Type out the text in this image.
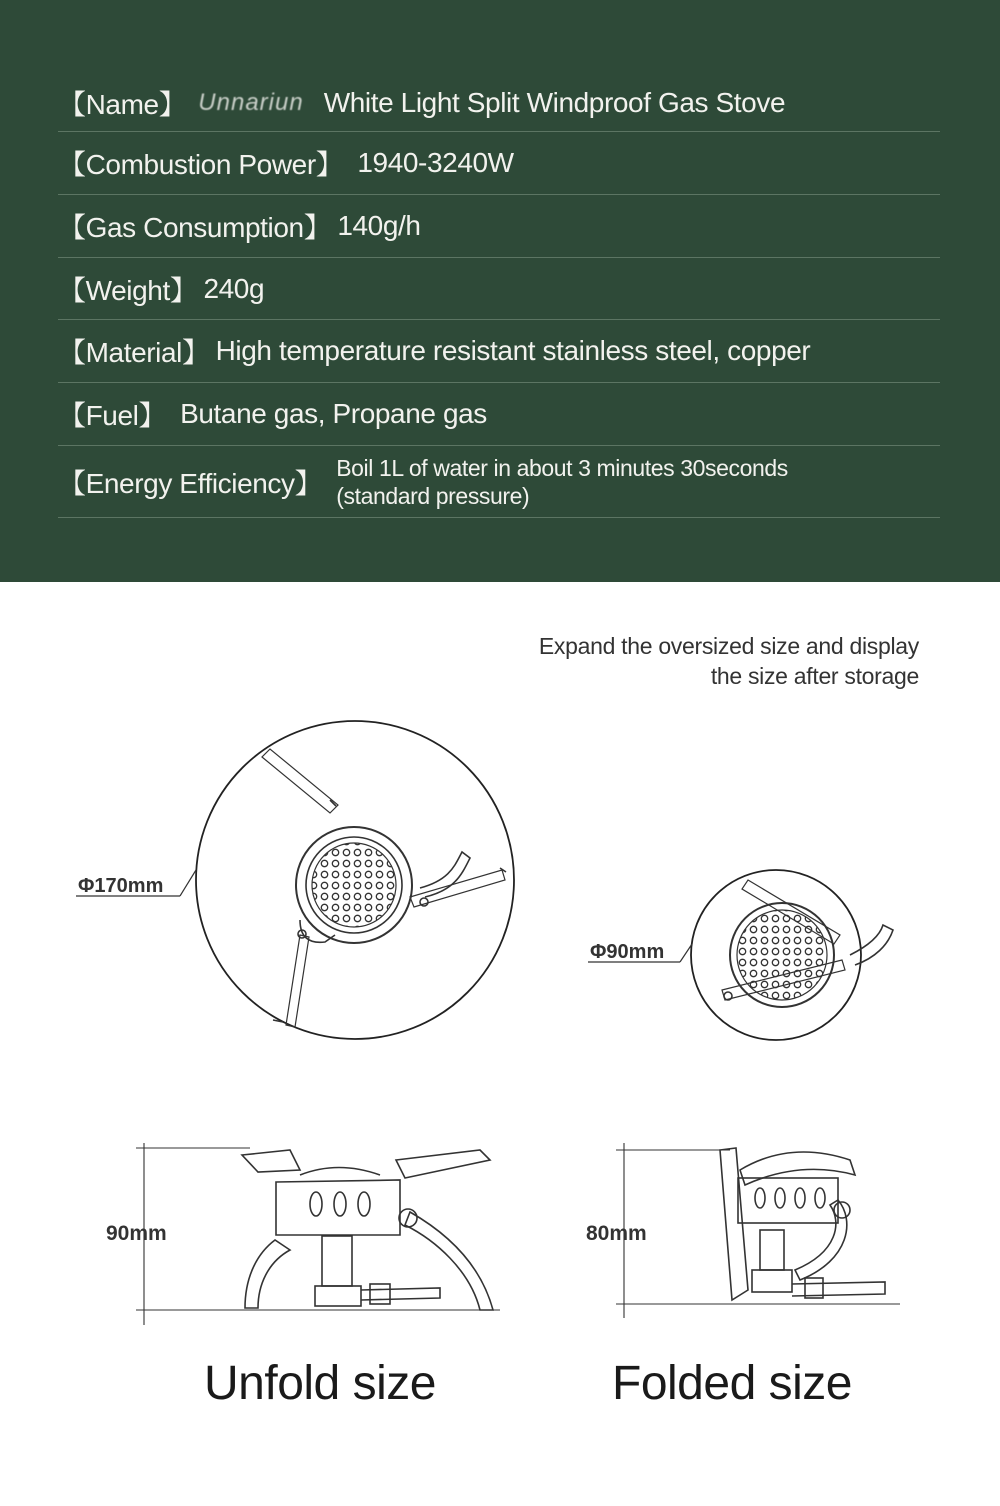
【Name】 Unnariun White Light Split Windproof Gas Stove
【Combustion Power】 1940-3240W
【Gas Consumption】 140g/h
【Weight】 240g
【Material】 High temperature resistant stainless steel, copper
【Fuel】 Butane gas, Propane gas
【Energy Efficiency】 Boil 1L of water in about 3 minutes 30seconds
(standard pressure)
Expand the oversized size and display
the size after storage
Φ170mm
Φ90mm
90mm	80mm
Unfold size	Folded size
